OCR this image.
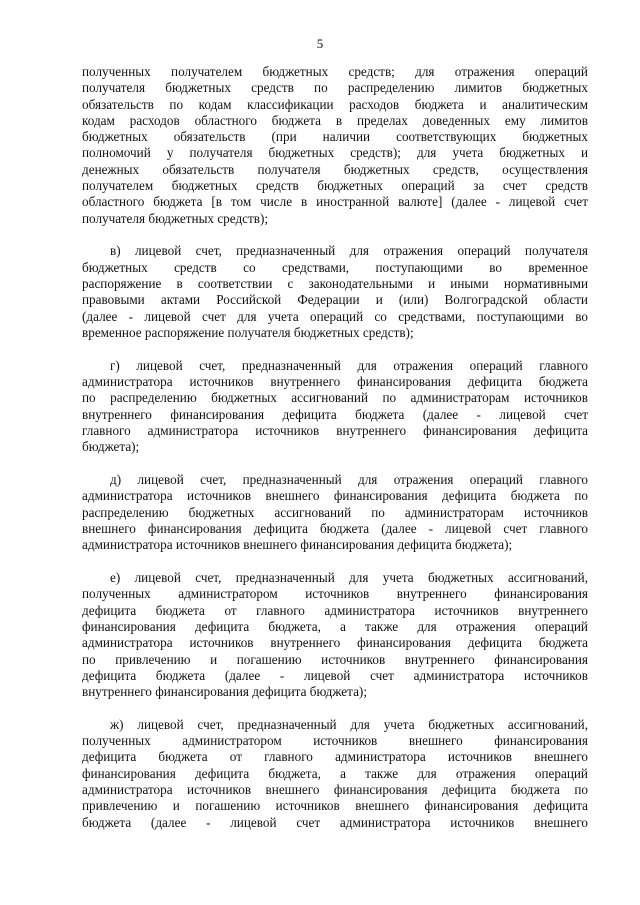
5
полученных получателем бюджетных средств; для отражения операций
получателя бюджетных средств по распределению лимитов бюджетных
обязательств по кодам классификации расходов бюджета и аналитическим
кодам расходов областного бюджета в пределах доведенных ему лимитов
бюджетных обязательств (при наличии соответствующих бюджетных
полномочий у получателя бюджетных средств); для учета бюджетных и
денежных обязательств получателя бюджетных средств, осуществления
получателем бюджетных средств бюджетных операций за счет средств
областного бюджета [в том числе в иностранной валюте] (далее - лицевой счет
получателя бюджетных средств);
в) лицевой счет, предназначенный для отражения операций получателя
бюджетных средств со средствами, поступающими во временное
распоряжение в соответствии с законодательными и иными нормативными
правовыми актами Российской Федерации и (или) Волгоградской области
(далее - лицевой счет для учета операций со средствами, поступающими во
временное распоряжение получателя бюджетных средств);
г) лицевой счет, предназначенный для отражения операций главного
администратора источников внутреннего финансирования дефицита бюджета
по распределению бюджетных ассигнований по администраторам источников
внутреннего финансирования дефицита бюджета (далее - лицевой счет
главного администратора источников внутреннего финансирования дефицита
бюджета);
д) лицевой счет, предназначенный для отражения операций главного
администратора источников внешнего финансирования дефицита бюджета по
распределению бюджетных ассигнований по администраторам источников
внешнего финансирования дефицита бюджета (далее - лицевой счет главного
администратора источников внешнего финансирования дефицита бюджета);
е) лицевой счет, предназначенный для учета бюджетных ассигнований,
полученных администратором источников внутреннего финансирования
дефицита бюджета от главного администратора источников внутреннего
финансирования дефицита бюджета, а также для отражения операций
администратора источников внутреннего финансирования дефицита бюджета
по привлечению и погашению источников внутреннего финансирования
дефицита бюджета (далее - лицевой счет администратора источников
внутреннего финансирования дефицита бюджета);
ж) лицевой счет, предназначенный для учета бюджетных ассигнований,
полученных администратором источников внешнего финансирования
дефицита бюджета от главного администратора источников внешнего
финансирования дефицита бюджета, а также для отражения операций
администратора источников внешнего финансирования дефицита бюджета по
привлечению и погашению источников внешнего финансирования дефицита
бюджета (далее - лицевой счет администратора источников внешнего
